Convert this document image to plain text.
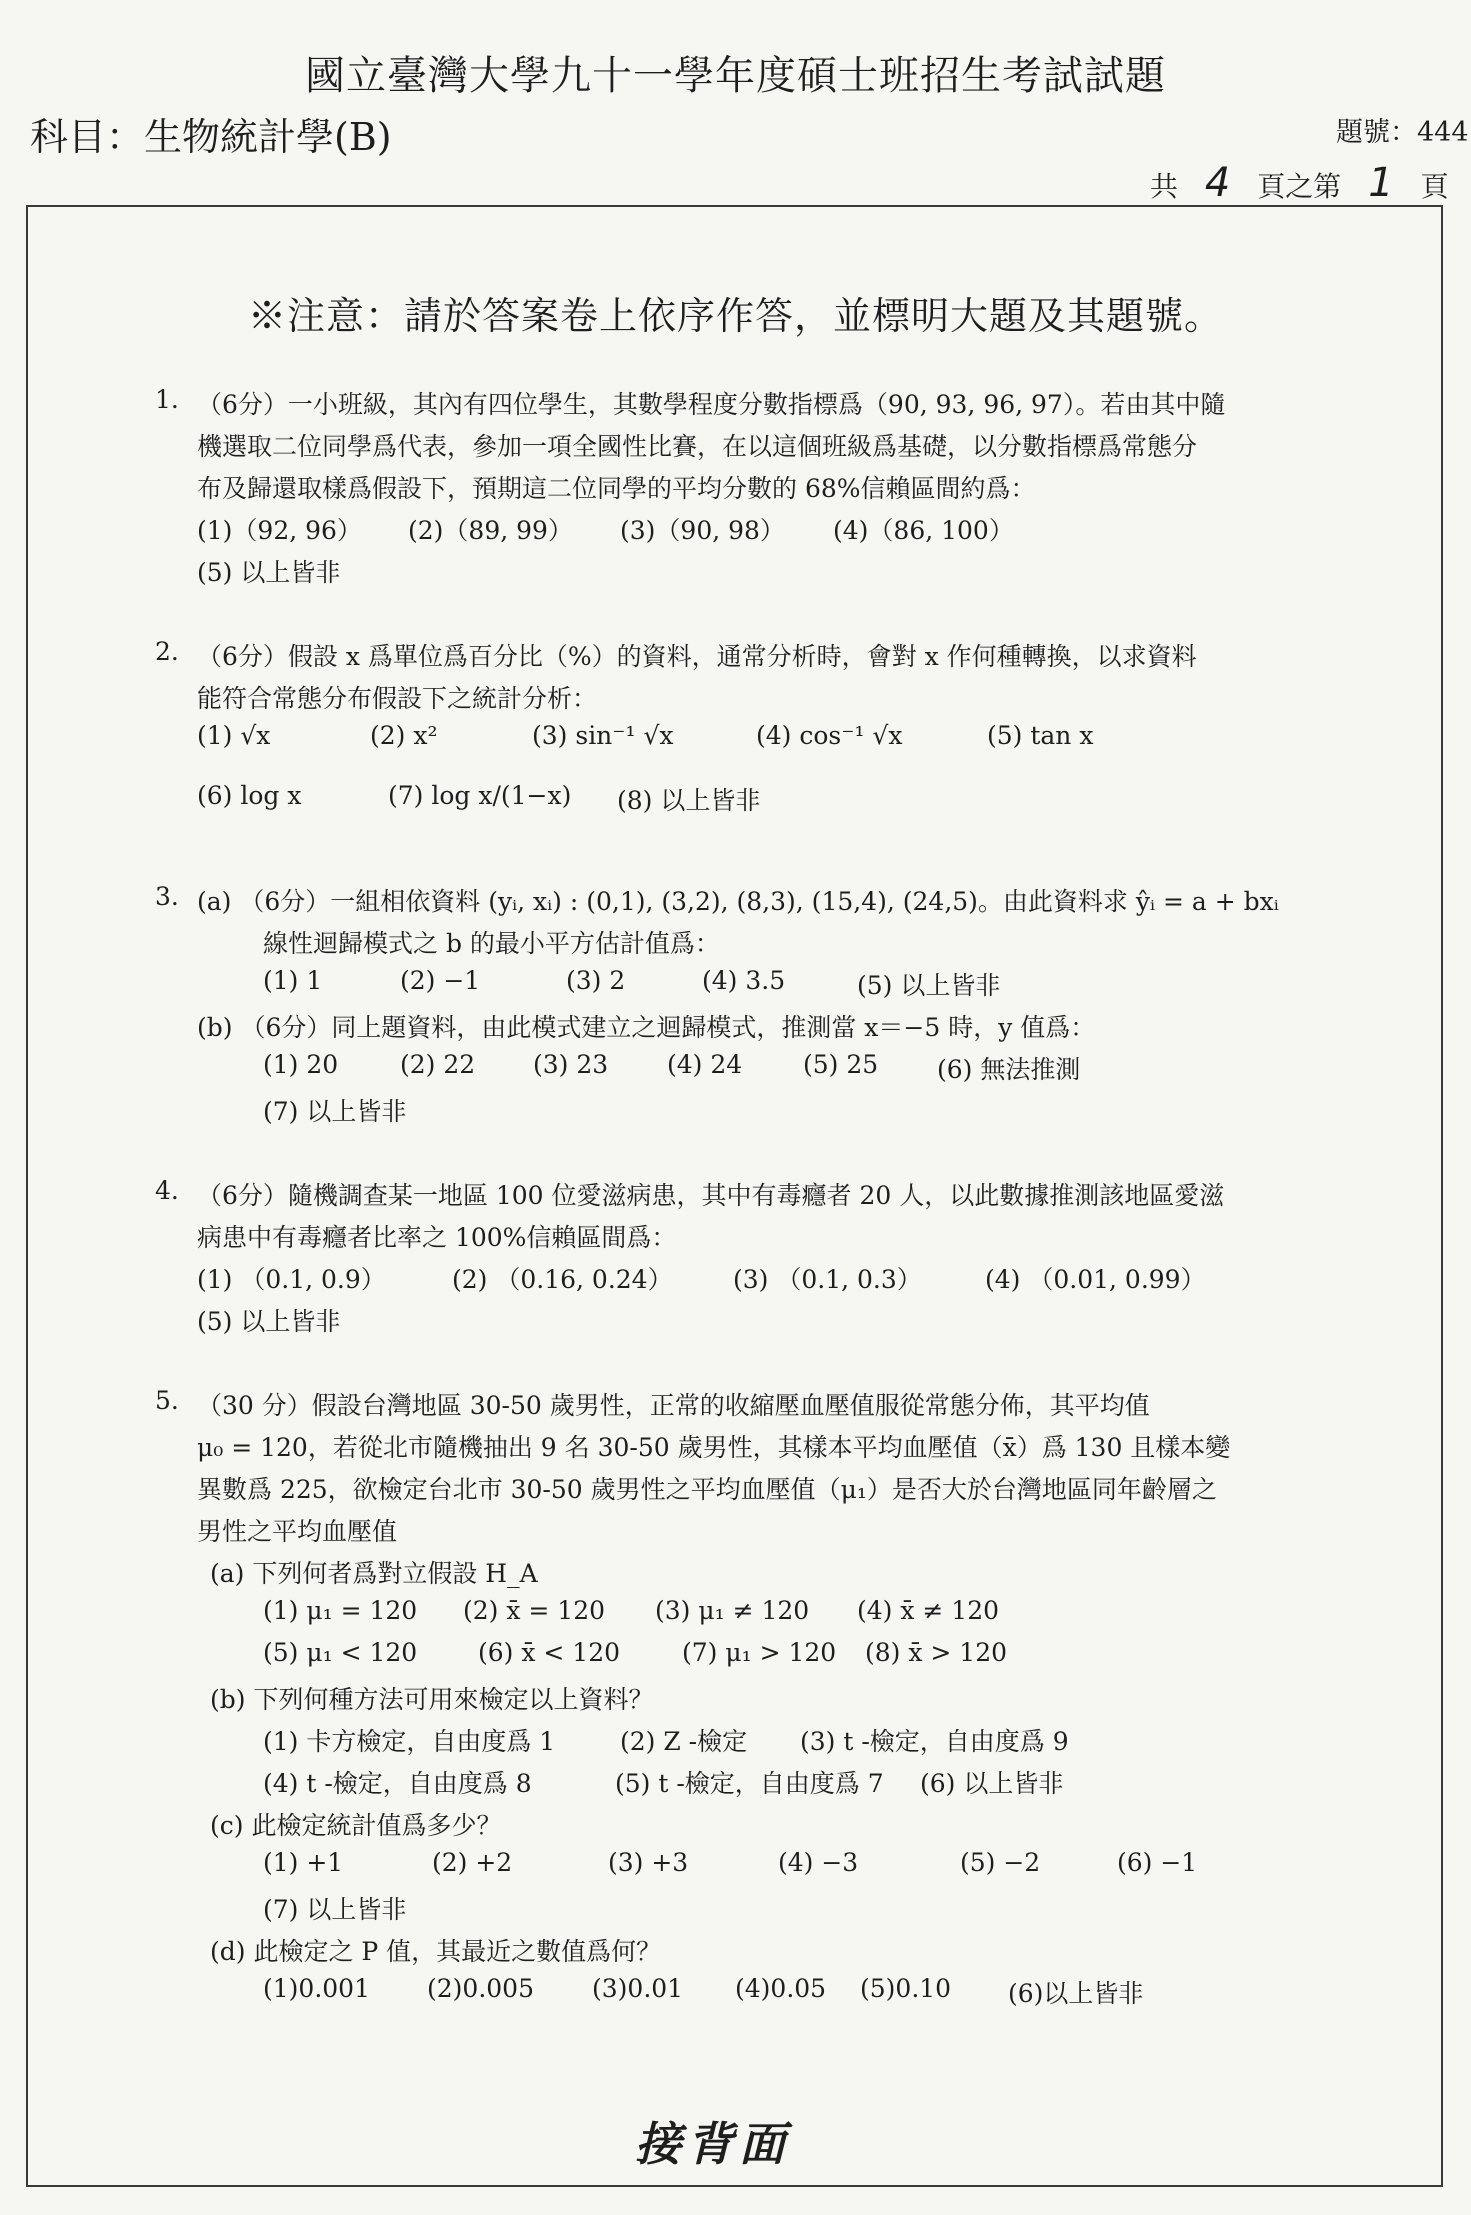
國立臺灣大學九十一學年度碩士班招生考試試題
科目：生物統計學(B)	題號：444
共 4 頁之第 1 頁
※注意：請於答案卷上依序作答，並標明大題及其題號。
1. （6分）一小班級，其內有四位學生，其數學程度分數指標爲（90, 93, 96, 97）。若由其中隨
機選取二位同學爲代表，參加一項全國性比賽，在以這個班級爲基礎，以分數指標爲常態分
布及歸還取樣爲假設下，預期這二位同學的平均分數的 68%信賴區間約爲：
(1)（92, 96） (2)（89, 99） (3)（90, 98） (4)（86, 100）
(5) 以上皆非
2. （6分）假設 x 爲單位爲百分比（%）的資料，通常分析時，會對 x 作何種轉換，以求資料
能符合常態分布假設下之統計分析：
(1) √x	(2) x²	(3) sin⁻¹ √x	(4) cos⁻¹ √x	(5) tan x
(6) log x	(7) log x/(1−x) (8) 以上皆非
3. (a) （6分）一組相依資料 (yᵢ, xᵢ) : (0,1), (3,2), (8,3), (15,4), (24,5)。由此資料求 ŷᵢ = a + bxᵢ
線性迴歸模式之 b 的最小平方估計值爲：
(1) 1	(2) −1	(3) 2	(4) 3.5	(5) 以上皆非
(b) （6分）同上題資料，由此模式建立之迴歸模式，推測當 x＝−5 時，y 值爲：
(1) 20 (2) 22 (3) 23 (4) 24 (5) 25 (6) 無法推測
(7) 以上皆非
4. （6分）隨機調查某一地區 100 位愛滋病患，其中有毒癮者 20 人，以此數據推測該地區愛滋
病患中有毒癮者比率之 100%信賴區間爲：
(1) （0.1, 0.9）	(2) （0.16, 0.24） (3) （0.1, 0.3）	(4) （0.01, 0.99）
(5) 以上皆非
5. （30 分）假設台灣地區 30-50 歲男性，正常的收縮壓血壓值服從常態分佈，其平均值
μ₀ = 120，若從北市隨機抽出 9 名 30-50 歲男性，其樣本平均血壓值（x̄）爲 130 且樣本變
異數爲 225，欲檢定台北市 30-50 歲男性之平均血壓值（μ₁）是否大於台灣地區同年齡層之
男性之平均血壓值
(a) 下列何者爲對立假設 H_A
(1) μ₁ = 120 (2) x̄ = 120 (3) μ₁ ≠ 120 (4) x̄ ≠ 120
(5) μ₁ < 120 (6) x̄ < 120 (7) μ₁ > 120 (8) x̄ > 120
(b) 下列何種方法可用來檢定以上資料？
(1) 卡方檢定，自由度爲 1	(2) Z -檢定 (3) t -檢定，自由度爲 9
(4) t -檢定，自由度爲 8	(5) t -檢定，自由度爲 7 (6) 以上皆非
(c) 此檢定統計值爲多少？
(1) +1	(2) +2	(3) +3	(4) −3	(5) −2	(6) −1
(7) 以上皆非
(d) 此檢定之 P 值，其最近之數值爲何？
(1)0.001 (2)0.005 (3)0.01 (4)0.05 (5)0.10 (6)以上皆非
接背面
